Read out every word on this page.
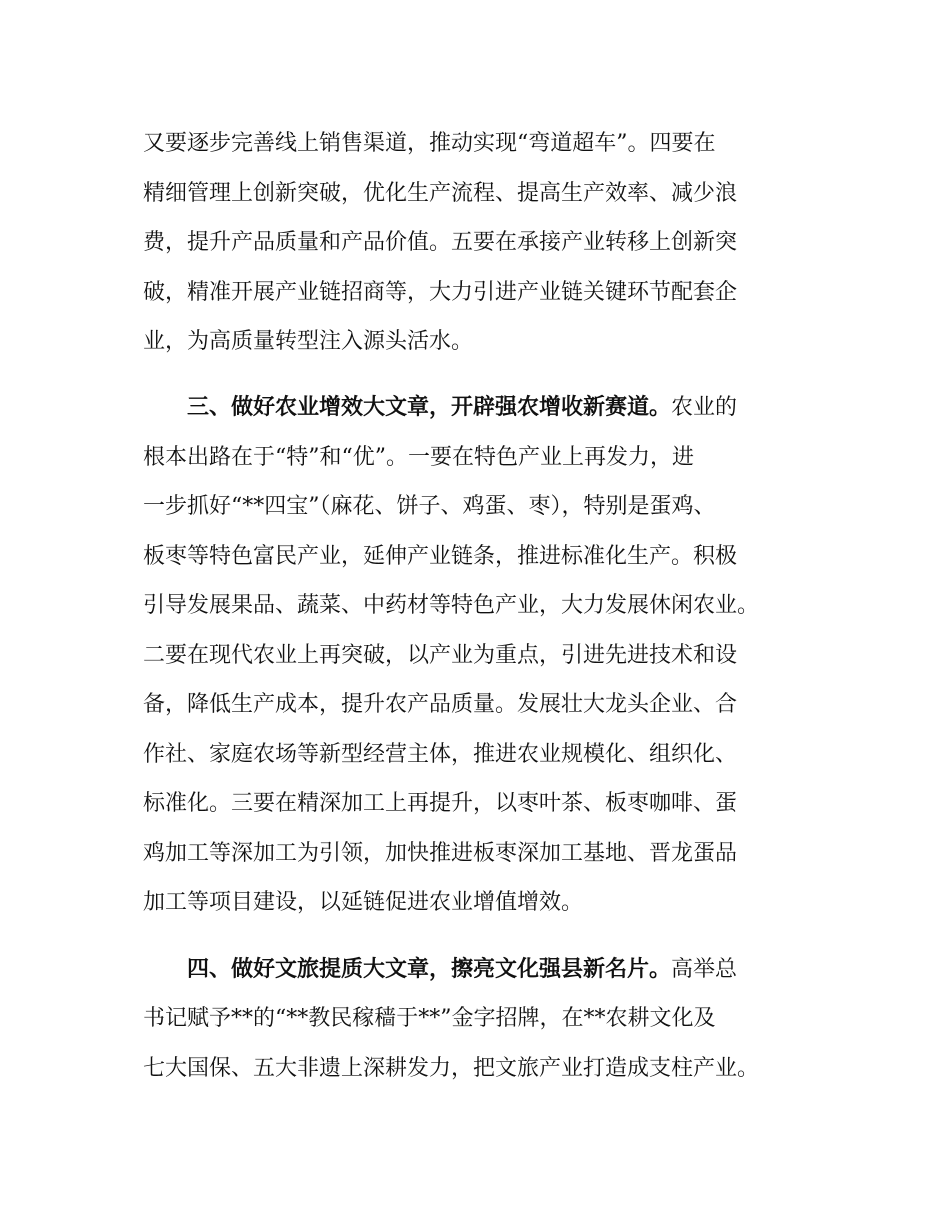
又要逐步完善线上销售渠道，推动实现“弯道超车”。四要在
精细管理上创新突破，优化生产流程、提高生产效率、减少浪
费，提升产品质量和产品价值。五要在承接产业转移上创新突
破，精准开展产业链招商等，大力引进产业链关键环节配套企
业，为高质量转型注入源头活水。
三、做好农业增效大文章，开辟强农增收新赛道。农业的
根本出路在于“特”和“优”。一要在特色产业上再发力，进
一步抓好“**四宝”（麻花、饼子、鸡蛋、枣），特别是蛋鸡、
板枣等特色富民产业，延伸产业链条，推进标准化生产。积极
引导发展果品、蔬菜、中药材等特色产业，大力发展休闲农业。
二要在现代农业上再突破，以产业为重点，引进先进技术和设
备，降低生产成本，提升农产品质量。发展壮大龙头企业、合
作社、家庭农场等新型经营主体，推进农业规模化、组织化、
标准化。三要在精深加工上再提升，以枣叶茶、板枣咖啡、蛋
鸡加工等深加工为引领，加快推进板枣深加工基地、晋龙蛋品
加工等项目建设，以延链促进农业增值增效。
四、做好文旅提质大文章，擦亮文化强县新名片。高举总
书记赋予**的“**教民稼穑于**”金字招牌，在**农耕文化及
七大国保、五大非遗上深耕发力，把文旅产业打造成支柱产业。
